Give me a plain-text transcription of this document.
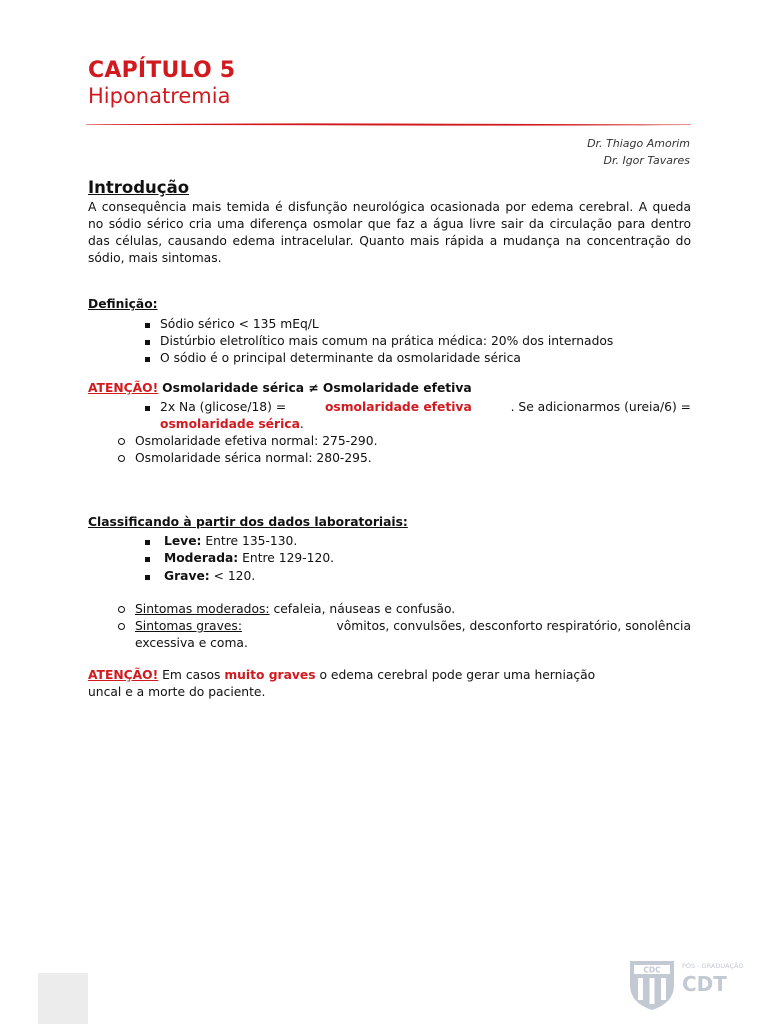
CAPÍTULO 5
Hiponatremia
Dr. Thiago Amorim
Dr. Igor Tavares
Introdução
A consequência mais temida é disfunção neurológica ocasionada por edema cerebral. A queda no sódio sérico cria uma diferença osmolar que faz a água livre sair da circulação para dentro das células, causando edema intracelular. Quanto mais rápida a mudança na concentração do sódio, mais sintomas.
Definição:
Sódio sérico < 135 mEq/L
Distúrbio eletrolítico mais comum na prática médica: 20% dos internados
O sódio é o principal determinante da osmolaridade sérica
ATENÇÃO! Osmolaridade sérica ≠ Osmolaridade efetiva
2x Na (glicose/18) =	osmolaridade efetiva	. Se adicionarmos (ureia/6) =
osmolaridade sérica.
Osmolaridade efetiva normal: 275-290.
Osmolaridade sérica normal: 280-295.
Classificando à partir dos dados laboratoriais:
Leve: Entre 135-130.
Moderada: Entre 129-120.
Grave: < 120.
Sintomas moderados: cefaleia, náuseas e confusão.
Sintomas graves:	vômitos, convulsões, desconforto respiratório, sonolência
excessiva e coma.
ATENÇÃO! Em casos muito graves o edema cerebral pode gerar uma herniação
uncal e a morte do paciente.
CDC	PÓS - GRADUAÇÃO
CDT
